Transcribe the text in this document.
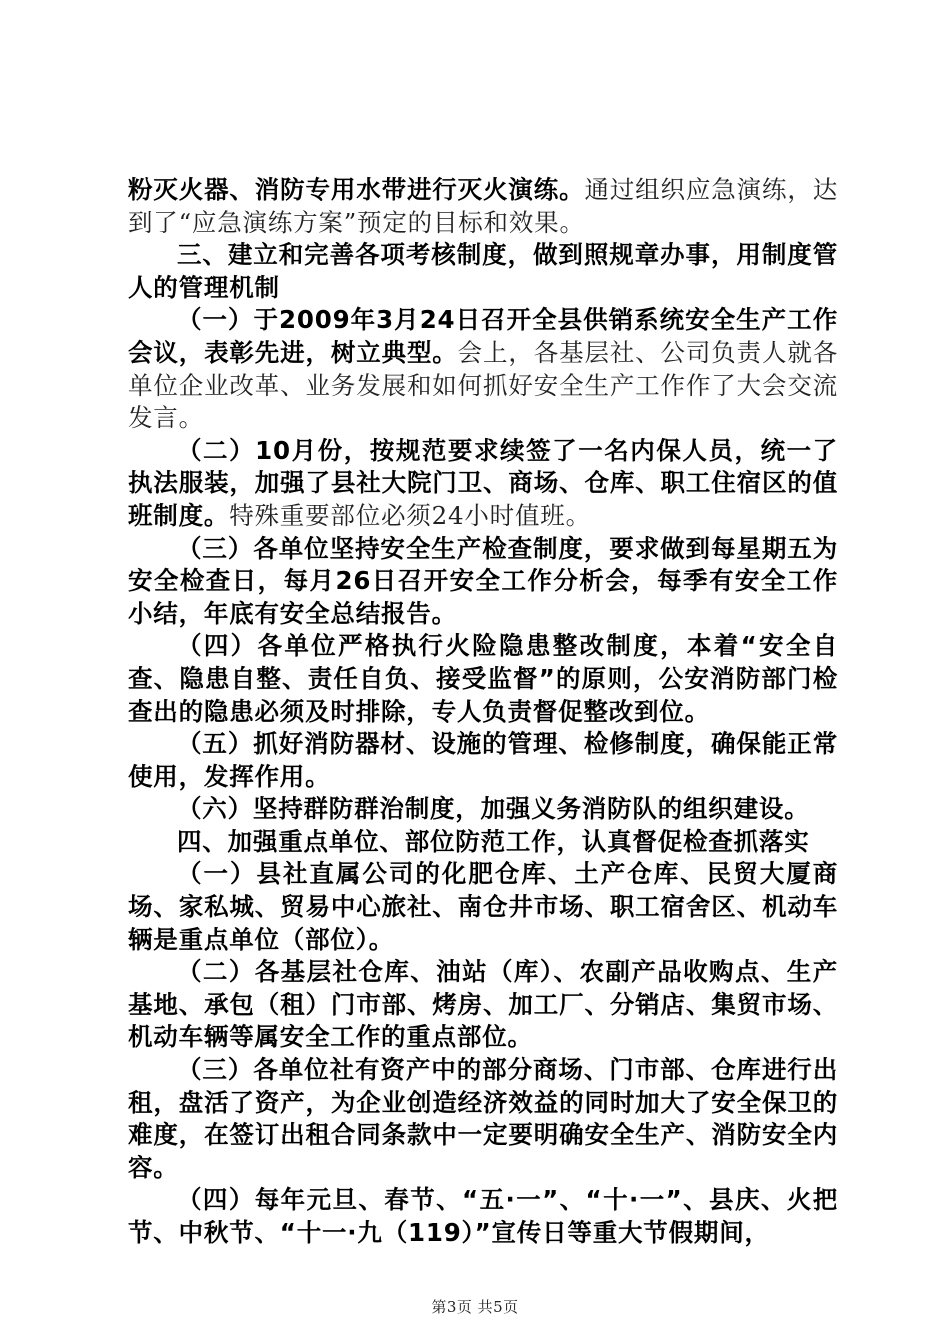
粉灭火器、消防专用水带进行灭火演练。通过组织应急演练，达到了“应急演练方案”预定的目标和效果。

三、建立和完善各项考核制度，做到照规章办事，用制度管人的管理机制

（一）于2009年3月24日召开全县供销系统安全生产工作会议，表彰先进，树立典型。会上，各基层社、公司负责人就各单位企业改革、业务发展和如何抓好安全生产工作作了大会交流发言。

（二）10月份，按规范要求续签了一名内保人员，统一了执法服装，加强了县社大院门卫、商场、仓库、职工住宿区的值班制度。特殊重要部位必须24小时值班。

（三）各单位坚持安全生产检查制度，要求做到每星期五为安全检查日，每月26日召开安全工作分析会，每季有安全工作小结，年底有安全总结报告。

（四）各单位严格执行火险隐患整改制度，本着“安全自查、隐患自整、责任自负、接受监督”的原则，公安消防部门检查出的隐患必须及时排除，专人负责督促整改到位。

（五）抓好消防器材、设施的管理、检修制度，确保能正常使用，发挥作用。

（六）坚持群防群治制度，加强义务消防队的组织建设。

四、加强重点单位、部位防范工作，认真督促检查抓落实

（一）县社直属公司的化肥仓库、土产仓库、民贸大厦商场、家私城、贸易中心旅社、南仓井市场、职工宿舍区、机动车辆是重点单位（部位）。

（二）各基层社仓库、油站（库）、农副产品收购点、生产基地、承包（租）门市部、烤房、加工厂、分销店、集贸市场、机动车辆等属安全工作的重点部位。

（三）各单位社有资产中的部分商场、门市部、仓库进行出租，盘活了资产，为企业创造经济效益的同时加大了安全保卫的难度，在签订出租合同条款中一定要明确安全生产、消防安全内容。

（四）每年元旦、春节、“五·一”、“十·一”、县庆、火把节、中秋节、“十一·九（119）”宣传日等重大节假期间，

第3页 共5页
